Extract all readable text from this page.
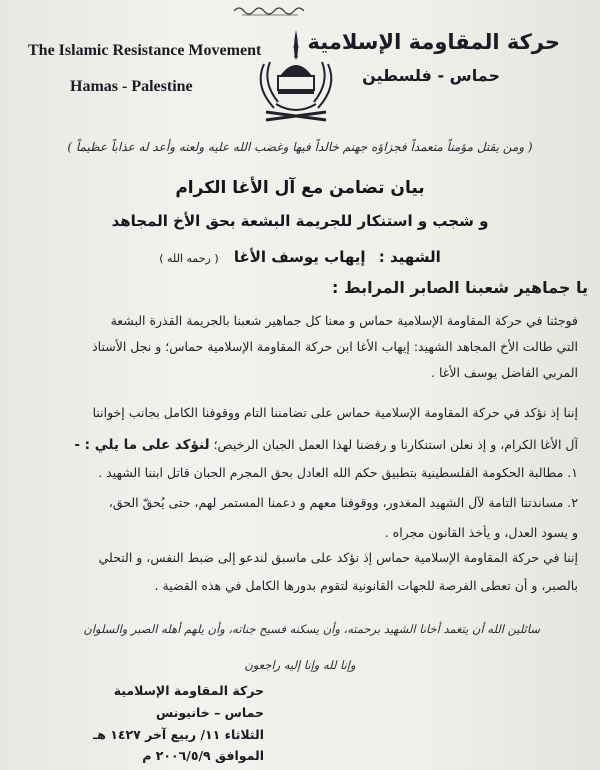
The Islamic Resistance Movement
Hamas - Palestine
حركة المقاومة الإسلامية
حماس - فلسطين
( ومن يقتل مؤمناً متعمداً فجزاؤه جهنم خالداً فيها وغضب الله عليه ولعنه وأعد له عذاباً عظيماً )
بيان تضامن مع آل الأغا الكرام
و شجب و استنكار للجريمة البشعة بحق الأخ المجاهد
الشهيد : إيهاب يوسف الأغا ( رحمه الله )
يا جماهير شعبنا الصابر المرابط :
فوجئنا في حركة المقاومة الإسلامية حماس و معنا كل جماهير شعبنا بالجريمة القذرة البشعة
التي طالت الأخ المجاهد الشهيد: إيهاب الأغا ابن حركة المقاومة الإسلامية حماس؛ و نجل الأستاذ
المربي الفاضل يوسف الأغا .
إننا إذ نؤكد في حركة المقاومة الإسلامية حماس على تضامننا التام ووقوفنا الكامل بجانب إخواننا
آل الأغا الكرام، و إذ نعلن استنكارنا و رفضنا لهذا العمل الجبان الرخيص؛ لنؤكد على ما يلي : -
١. مطالبة الحكومة الفلسطينية بتطبيق حكم الله العادل بحق المجرم الجبان قاتل ابننا الشهيد .
٢. مساندتنا التامة لآل الشهيد المغدور، ووقوفنا معهم و دعمنا المستمر لهم، حتى يُحقّ الحق،
و يسود العدل، و يأخذ القانون مجراه .
إننا في حركة المقاومة الإسلامية حماس إذ نؤكد على ماسبق لندعو إلى ضبط النفس، و التحلي
بالصبر، و أن تعطى الفرصة للجهات القانونية لتقوم بدورها الكامل في هذه القضية .
سائلين الله أن يتغمد أخانا الشهيد برحمته، وأن يسكنه فسيح جناته، وأن يلهم أهله الصبر والسلوان
وإنا لله وإنا إليه راجعون
حركة المقاومة الإسلامية
حماس – خانيونس
الثلاثاء ١١/ ربيع آخر ١٤٢٧ هـ
الموافق ٢٠٠٦/٥/٩ م
